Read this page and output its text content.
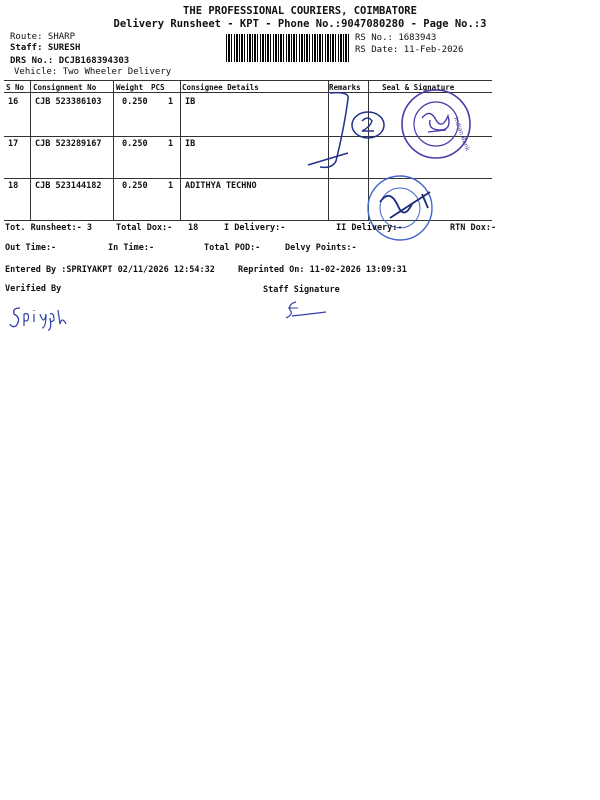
THE PROFESSIONAL COURIERS, COIMBATORE
Delivery Runsheet - KPT - Phone No.:9047080280 - Page No.:3
Route: SHARP
Staff: SURESH
DRS No.: DCJB168394303
Vehicle: Two Wheeler Delivery
RS No.: 1683943
RS Date: 11-Feb-2026
S No Consignment No	Weight PCS Consignee Details	Remarks	Seal & Signature
16 CJB 523386103 0.250 1 IB
17 CJB 523289167 0.250 1 IB
18 CJB 523144182 0.250 1 ADITHYA TECHNO
Indian Bank
Tot. Runsheet:- 3	Total Dox:- 18	I Delivery:-	II Delivery:-	RTN Dox:-
Out Time:-	In Time:-	Total POD:-	Delvy Points:-
Entered By :SPRIYAKPT 02/11/2026 12:54:32	Reprinted On: 11-02-2026 13:09:31
Verified By	Staff Signature
